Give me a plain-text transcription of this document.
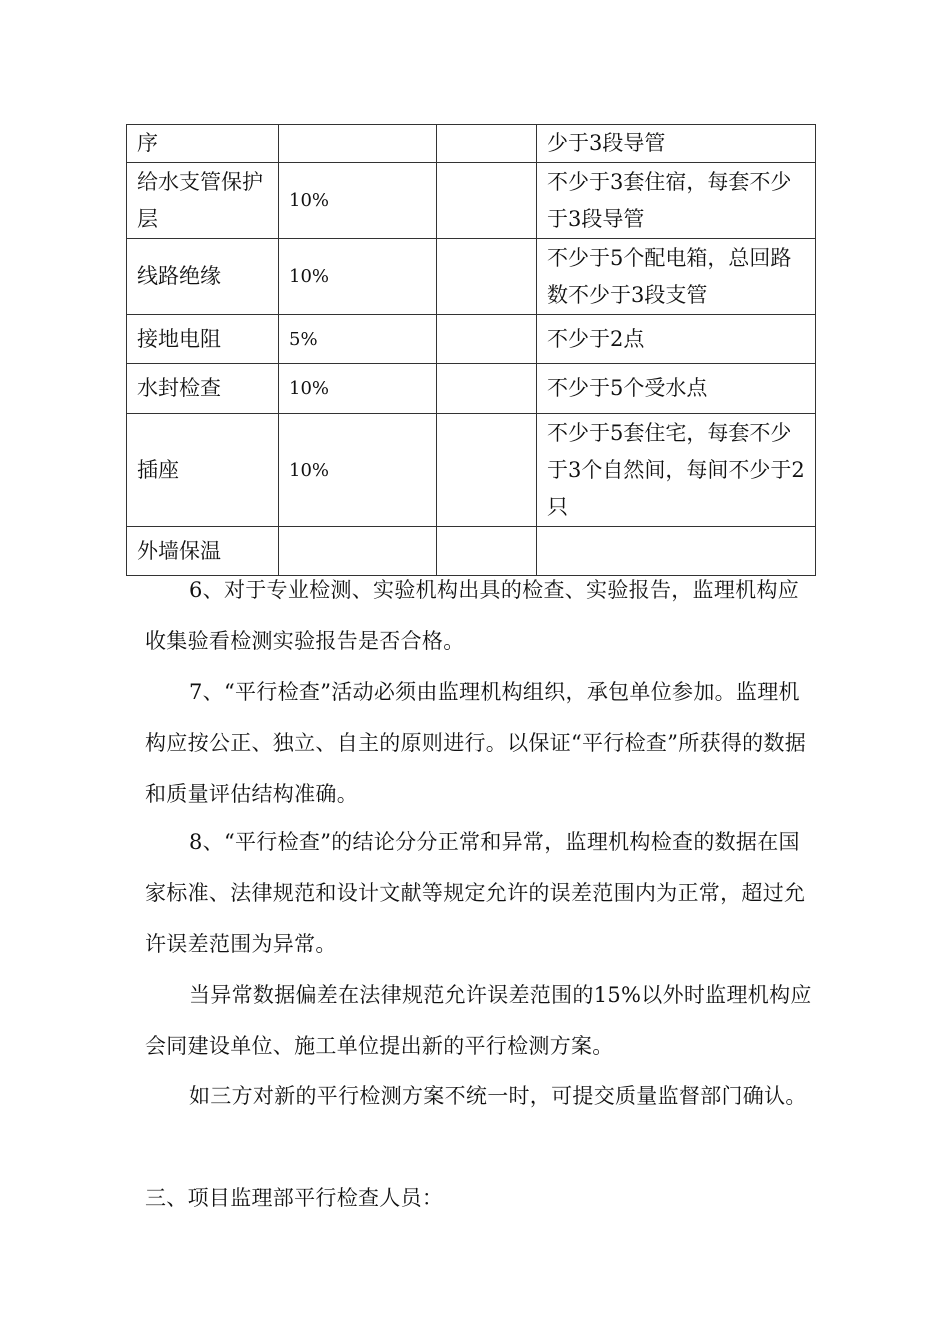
序			少于3段导管
给水支管保护层	10%		不少于3套住宿，每套不少于3段导管
线路绝缘	10%		不少于5个配电箱，总回路数不少于3段支管
接地电阻	5%		不少于2点
水封检查	10%		不少于5个受水点
插座	10%		不少于5套住宅，每套不少于3个自然间，每间不少于2只
外墙保温			

6、对于专业检测、实验机构出具的检查、实验报告，监理机构应收集验看检测实验报告是否合格。

7、“平行检查”活动必须由监理机构组织，承包单位参加。监理机构应按公正、独立、自主的原则进行。以保证“平行检查”所获得的数据和质量评估结构准确。

8、“平行检查”的结论分分正常和异常，监理机构检查的数据在国家标准、法律规范和设计文献等规定允许的误差范围内为正常，超过允许误差范围为异常。

当异常数据偏差在法律规范允许误差范围的15%以外时监理机构应会同建设单位、施工单位提出新的平行检测方案。

如三方对新的平行检测方案不统一时，可提交质量监督部门确认。

三、项目监理部平行检查人员：
